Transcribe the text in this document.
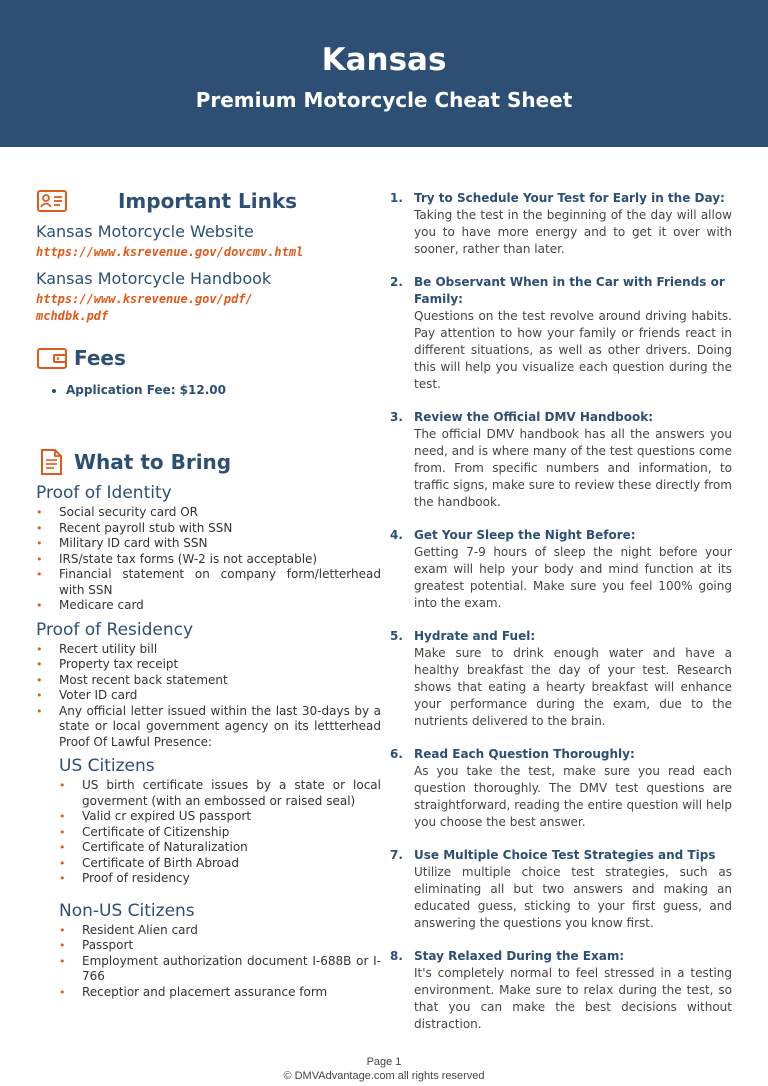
Kansas
Premium Motorcycle Cheat Sheet
Important Links
Kansas Motorcycle Website
https://www.ksrevenue.gov/dovcmv.html
Kansas Motorcycle Handbook
https://www.ksrevenue.gov/pdf/
mchdbk.pdf
Fees
• Application Fee: $12.00
What to Bring
Proof of Identity
• Social security card OR
• Recent payroll stub with SSN
• Military ID card with SSN
• IRS/state tax forms (W-2 is not acceptable)
• Financial statement on company form/letterhead with SSN
• Medicare card
Proof of Residency
• Recert utility bill
• Property tax receipt
• Most recent back statement
• Voter ID card
• Any official letter issued within the last 30-days by a state or local government agency on its lettterhead Proof Of Lawful Presence:
US Citizens
• US birth certificate issues by a state or local goverment (with an embossed or raised seal)
• Valid cr expired US passport
• Certificate of Citizenship
• Certificate of Naturalization
• Certificate of Birth Abroad
• Proof of residency
Non-US Citizens
• Resident Alien card
• Passport
• Employment authorization document I-688B or I-766
• Receptior and placemert assurance form
1. Try to Schedule Your Test for Early in the Day:
Taking the test in the beginning of the day will allow you to have more energy and to get it over with sooner, rather than later.
2. Be Observant When in the Car with Friends or Family:
Questions on the test revolve around driving habits. Pay attention to how your family or friends react in different situations, as well as other drivers. Doing this will help you visualize each question during the test.
3. Review the Official DMV Handbook:
The official DMV handbook has all the answers you need, and is where many of the test questions come from. From specific numbers and information, to traffic signs, make sure to review these directly from the handbook.
4. Get Your Sleep the Night Before:
Getting 7-9 hours of sleep the night before your exam will help your body and mind function at its greatest potential. Make sure you feel 100% going into the exam.
5. Hydrate and Fuel:
Make sure to drink enough water and have a healthy breakfast the day of your test. Research shows that eating a hearty breakfast will enhance your performance during the exam, due to the nutrients delivered to the brain.
6. Read Each Question Thoroughly:
As you take the test, make sure you read each question thoroughly. The DMV test questions are straightforward, reading the entire question will help you choose the best answer.
7. Use Multiple Choice Test Strategies and Tips
Utilize multiple choice test strategies, such as eliminating all but two answers and making an educated guess, sticking to your first guess, and answering the questions you know first.
8. Stay Relaxed During the Exam:
It's completely normal to feel stressed in a testing environment. Make sure to relax during the test, so that you can make the best decisions without distraction.
Page 1
© DMVAdvantage.com all rights reserved
